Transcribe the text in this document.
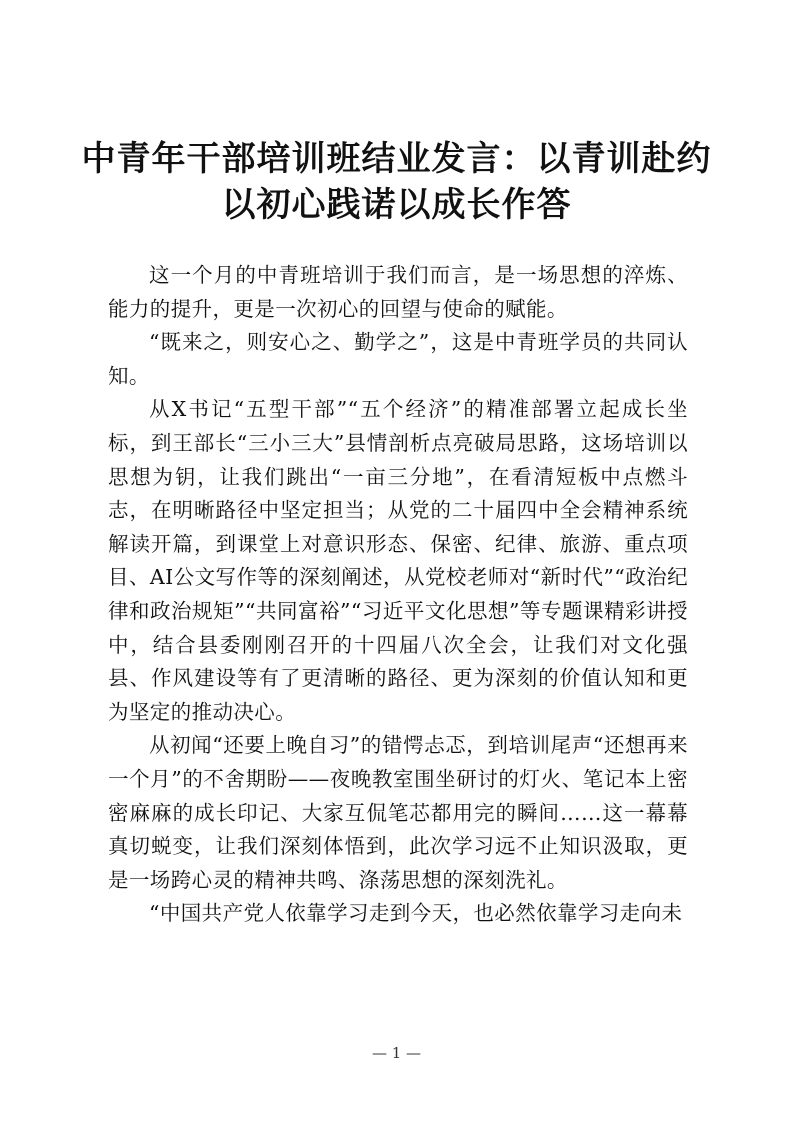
中青年干部培训班结业发言：以青训赴约
以初心践诺以成长作答

这一个月的中青班培训于我们而言，是一场思想的淬炼、能力的提升，更是一次初心的回望与使命的赋能。

“既来之，则安心之、勤学之”，这是中青班学员的共同认知。

从X书记“五型干部”“五个经济”的精准部署立起成长坐标，到王部长“三小三大”县情剖析点亮破局思路，这场培训以思想为钥，让我们跳出“一亩三分地”，在看清短板中点燃斗志，在明晰路径中坚定担当；从党的二十届四中全会精神系统解读开篇，到课堂上对意识形态、保密、纪律、旅游、重点项目、AI公文写作等的深刻阐述，从党校老师对“新时代”“政治纪律和政治规矩”“共同富裕”“习近平文化思想”等专题课精彩讲授中，结合县委刚刚召开的十四届八次全会，让我们对文化强县、作风建设等有了更清晰的路径、更为深刻的价值认知和更为坚定的推动决心。

从初闻“还要上晚自习”的错愕忐忑，到培训尾声“还想再来一个月”的不舍期盼——夜晚教室围坐研讨的灯火、笔记本上密密麻麻的成长印记、大家互侃笔芯都用完的瞬间……这一幕幕真切蜕变，让我们深刻体悟到，此次学习远不止知识汲取，更是一场跨心灵的精神共鸣、涤荡思想的深刻洗礼。

“中国共产党人依靠学习走到今天，也必然依靠学习走向未

— 1 —
